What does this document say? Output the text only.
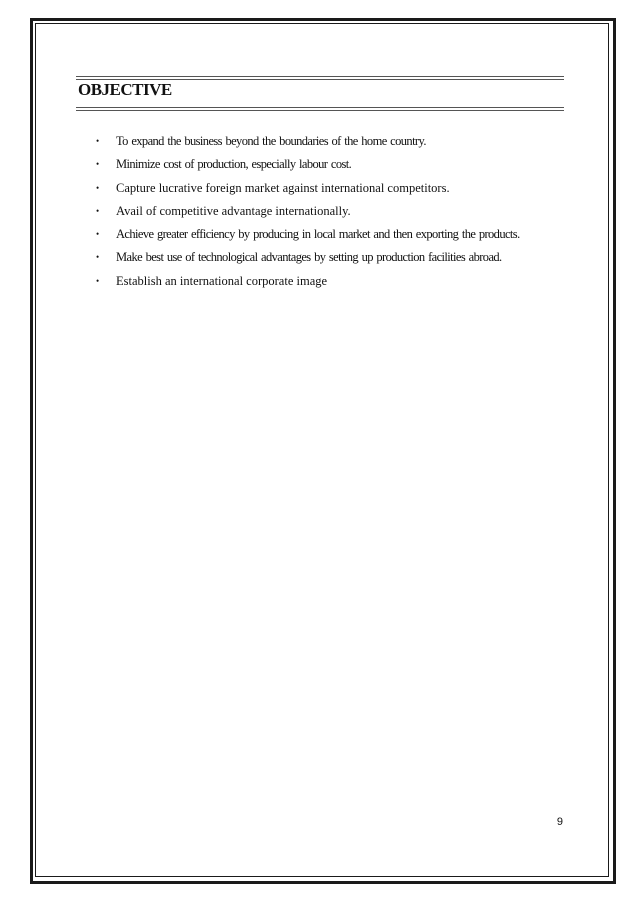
OBJECTIVE
• To expand the business beyond the boundaries of the home country.
• Minimize cost of production, especially labour cost.
• Capture lucrative foreign market against international competitors.
• Avail of competitive advantage internationally.
• Achieve greater efficiency by producing in local market and then exporting the products.
• Make best use of technological advantages by setting up production facilities abroad.
• Establish an international corporate image
9
